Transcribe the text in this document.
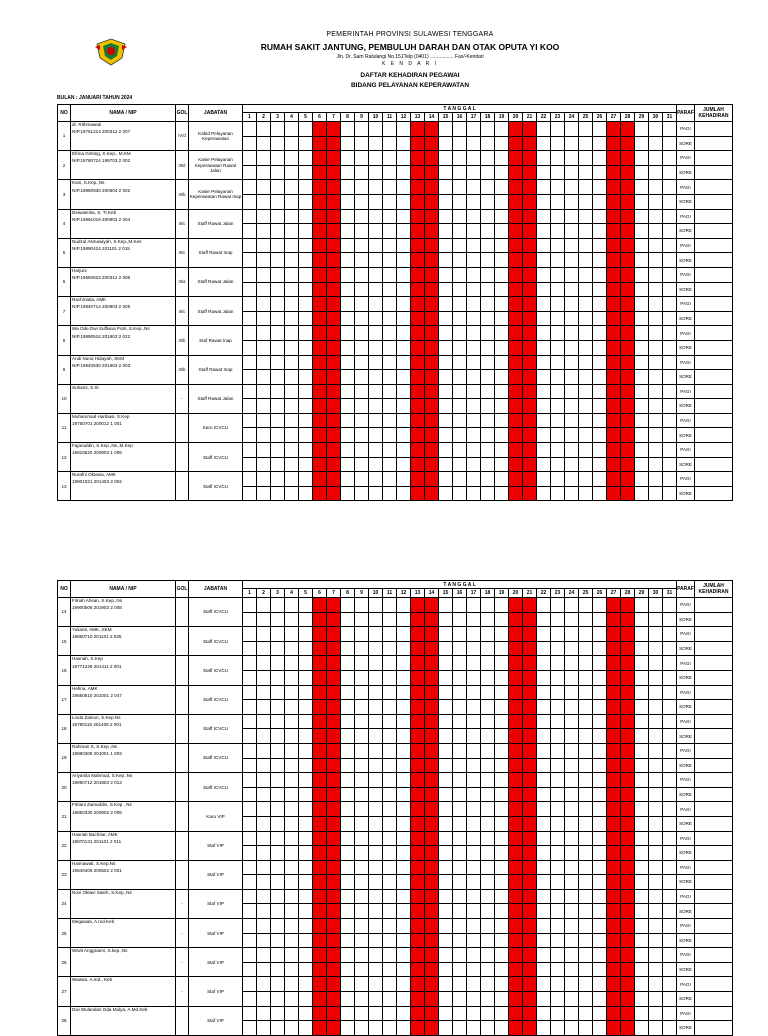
PEMERINTAH PROVINSI SULAWESI TENGGARA
RUMAH SAKIT JANTUNG, PEMBULUH DARAH DAN OTAK OPUTA YI KOO
Jln. Dr. Sam Ratulangi No.151Telp (0401) ................. Fax/-Kendari
K E N D A R I
DAFTAR KEHADIRAN PEGAWAI
BIDANG PELAYANAN KEPERAWATAN
BULAN : JANUARI TAHUN 2024
NO	NAMA / NIP	GOL	JABATAN	T A N G G A L																															PARAF	JUMLAH KEHADIRAN
				1	2	3	4	5	6	7	8	9	10	11	12	13	14	15	16	17	18	19	20	21	22	23	24	25	26	27	28	29	30	31		
1	dr. Rithmawati
NIP.19761214 200312 2 007	IV/d	Kabid Pelayanan Keperawatan																																PAGI	
																																			SORE	
2	Efrina Ginting, S.Kep., M.KM
NIP.19780724 199703 2 002	III/d	Kasie Pelayanan Keperawatan Rawat Jalan																																PAGI	
																																			SORE	
3	Kani, S.Kep.,Ns
NIP.19850930 200604 2 002	III/b	Kasie Pelayanan Keperawatan Rawat Inap																																PAGI	
																																			SORE	
4	Dewasmita, S. Tr.Keb
NIP.19861019 200903 2 004	III/c	Staff Rawat Jalan																																PAGI	
																																			SORE	
5	Nudzul Asmawiyah, S.Kep.,M.Kes
NIP.19890424 201101 2 015	III/c	Staff Rawat Inap																																PAGI	
																																			SORE	
6	Harjuni
NIP.19650623 200312 2 006	III/a	Staff Rawat Jalan																																PAGI	
																																			SORE	
7	Rachmatia, AMK
NIP.19840714 200903 2 005	III/c	Staff Rawat Jalan																																PAGI	
																																			SORE	
8	Wa Ode Dwi Suffiana Putri, S.Kep.,Ns
NIP.19890516 201903 2 022	III/b	Staf Rawat Inap																																PAGI	
																																			SORE	
9	Andi Nurul Hidayah, SKM
NIP.19940530 201903 2 003	III/b	Staff Rawat Inap																																PAGI	
																																			SORE	
10	Suhami, S.Si	-	Staff Rawat Jalan																																PAGI	
																																			SORE	
11	Muhammad Haribasi, S.Kep
19750701 200012 1 001		Karu ICVCU																																PAGI	
																																			SORE	
12	Fajaruddin, S.Kep.,Ns.,M.Kep
19810520 200903 1 005		Staff ICVCU																																PAGI	
																																			SORE	
13	Nurafni Oktavia, AMK
19901021 201403 2 002		Staff ICVCU																																PAGI	
																																			SORE	
NO	NAMA / NIP	GOL	JABATAN	T A N G G A L																															PARAF	JUMLAH KEHADIRAN
				1	2	3	4	5	6	7	8	9	10	11	12	13	14	15	16	17	18	19	20	21	22	23	24	25	26	27	28	29	30	31		
14	Fitriah Ahsan, S.Kep.,Ns
19900506 201903 2 008		Staff ICVCU																																PAGI	
																																			SORE	
15	Yulianti, AMK.,SKM
19850710 201101 2 025		Staff ICVCU																																PAGI	
																																			SORE	
16	Hasnah, S.Kep
19771228 201411 2 001		Staff ICVCU																																PAGI	
																																			SORE	
17	Hefina, AMK
19850510 201001 2 047		Staff ICVCU																																PAGI	
																																			SORE	
18	Linda Zainun, S.Kep.Ns
19790115 201408 2 001		Staff ICVCU																																PAGI	
																																			SORE	
19	Rahman S, S.Kep.,Ns
19880308 201001 1 003		Staff ICVCU																																PAGI	
																																			SORE	
20	Ariyanita Mahmud, S.Kep.,Ns
19890712 201903 2 013		Staff ICVCU																																PAGI	
																																			SORE	
21	Fitriani Zainuddin, S.Kep., Ns
19850330 200902 2 005		Karu VIP																																PAGI	
																																			SORE	
22	Hasriati Bachtiar, AMK
19870131 201101 2 011		Staf VIP																																PAGI	
																																			SORE	
23	Hasnawati, S.Kep.Ns
19840406 200502 2 001		Staf VIP																																PAGI	
																																			SORE	
24	Novi Oktavi Saleh, S.Kep.,Ns	-	Staf VIP																																PAGI	
																																			SORE	
25	Megawati, A.md.Keb	-	Staf VIP																																PAGI	
																																			SORE	
26	Wiwit Anggraeni, S.kep.,Ns	-	Staf VIP																																PAGI	
																																			SORE	
27	Wawan, A.md., Keb	-	Staf VIP																																PAGI	
																																			SORE	
28	Dwi Wulandari Oda Mulya, A.Md.Keb		Staf VIP																																PAGI	
																																			SORE	
